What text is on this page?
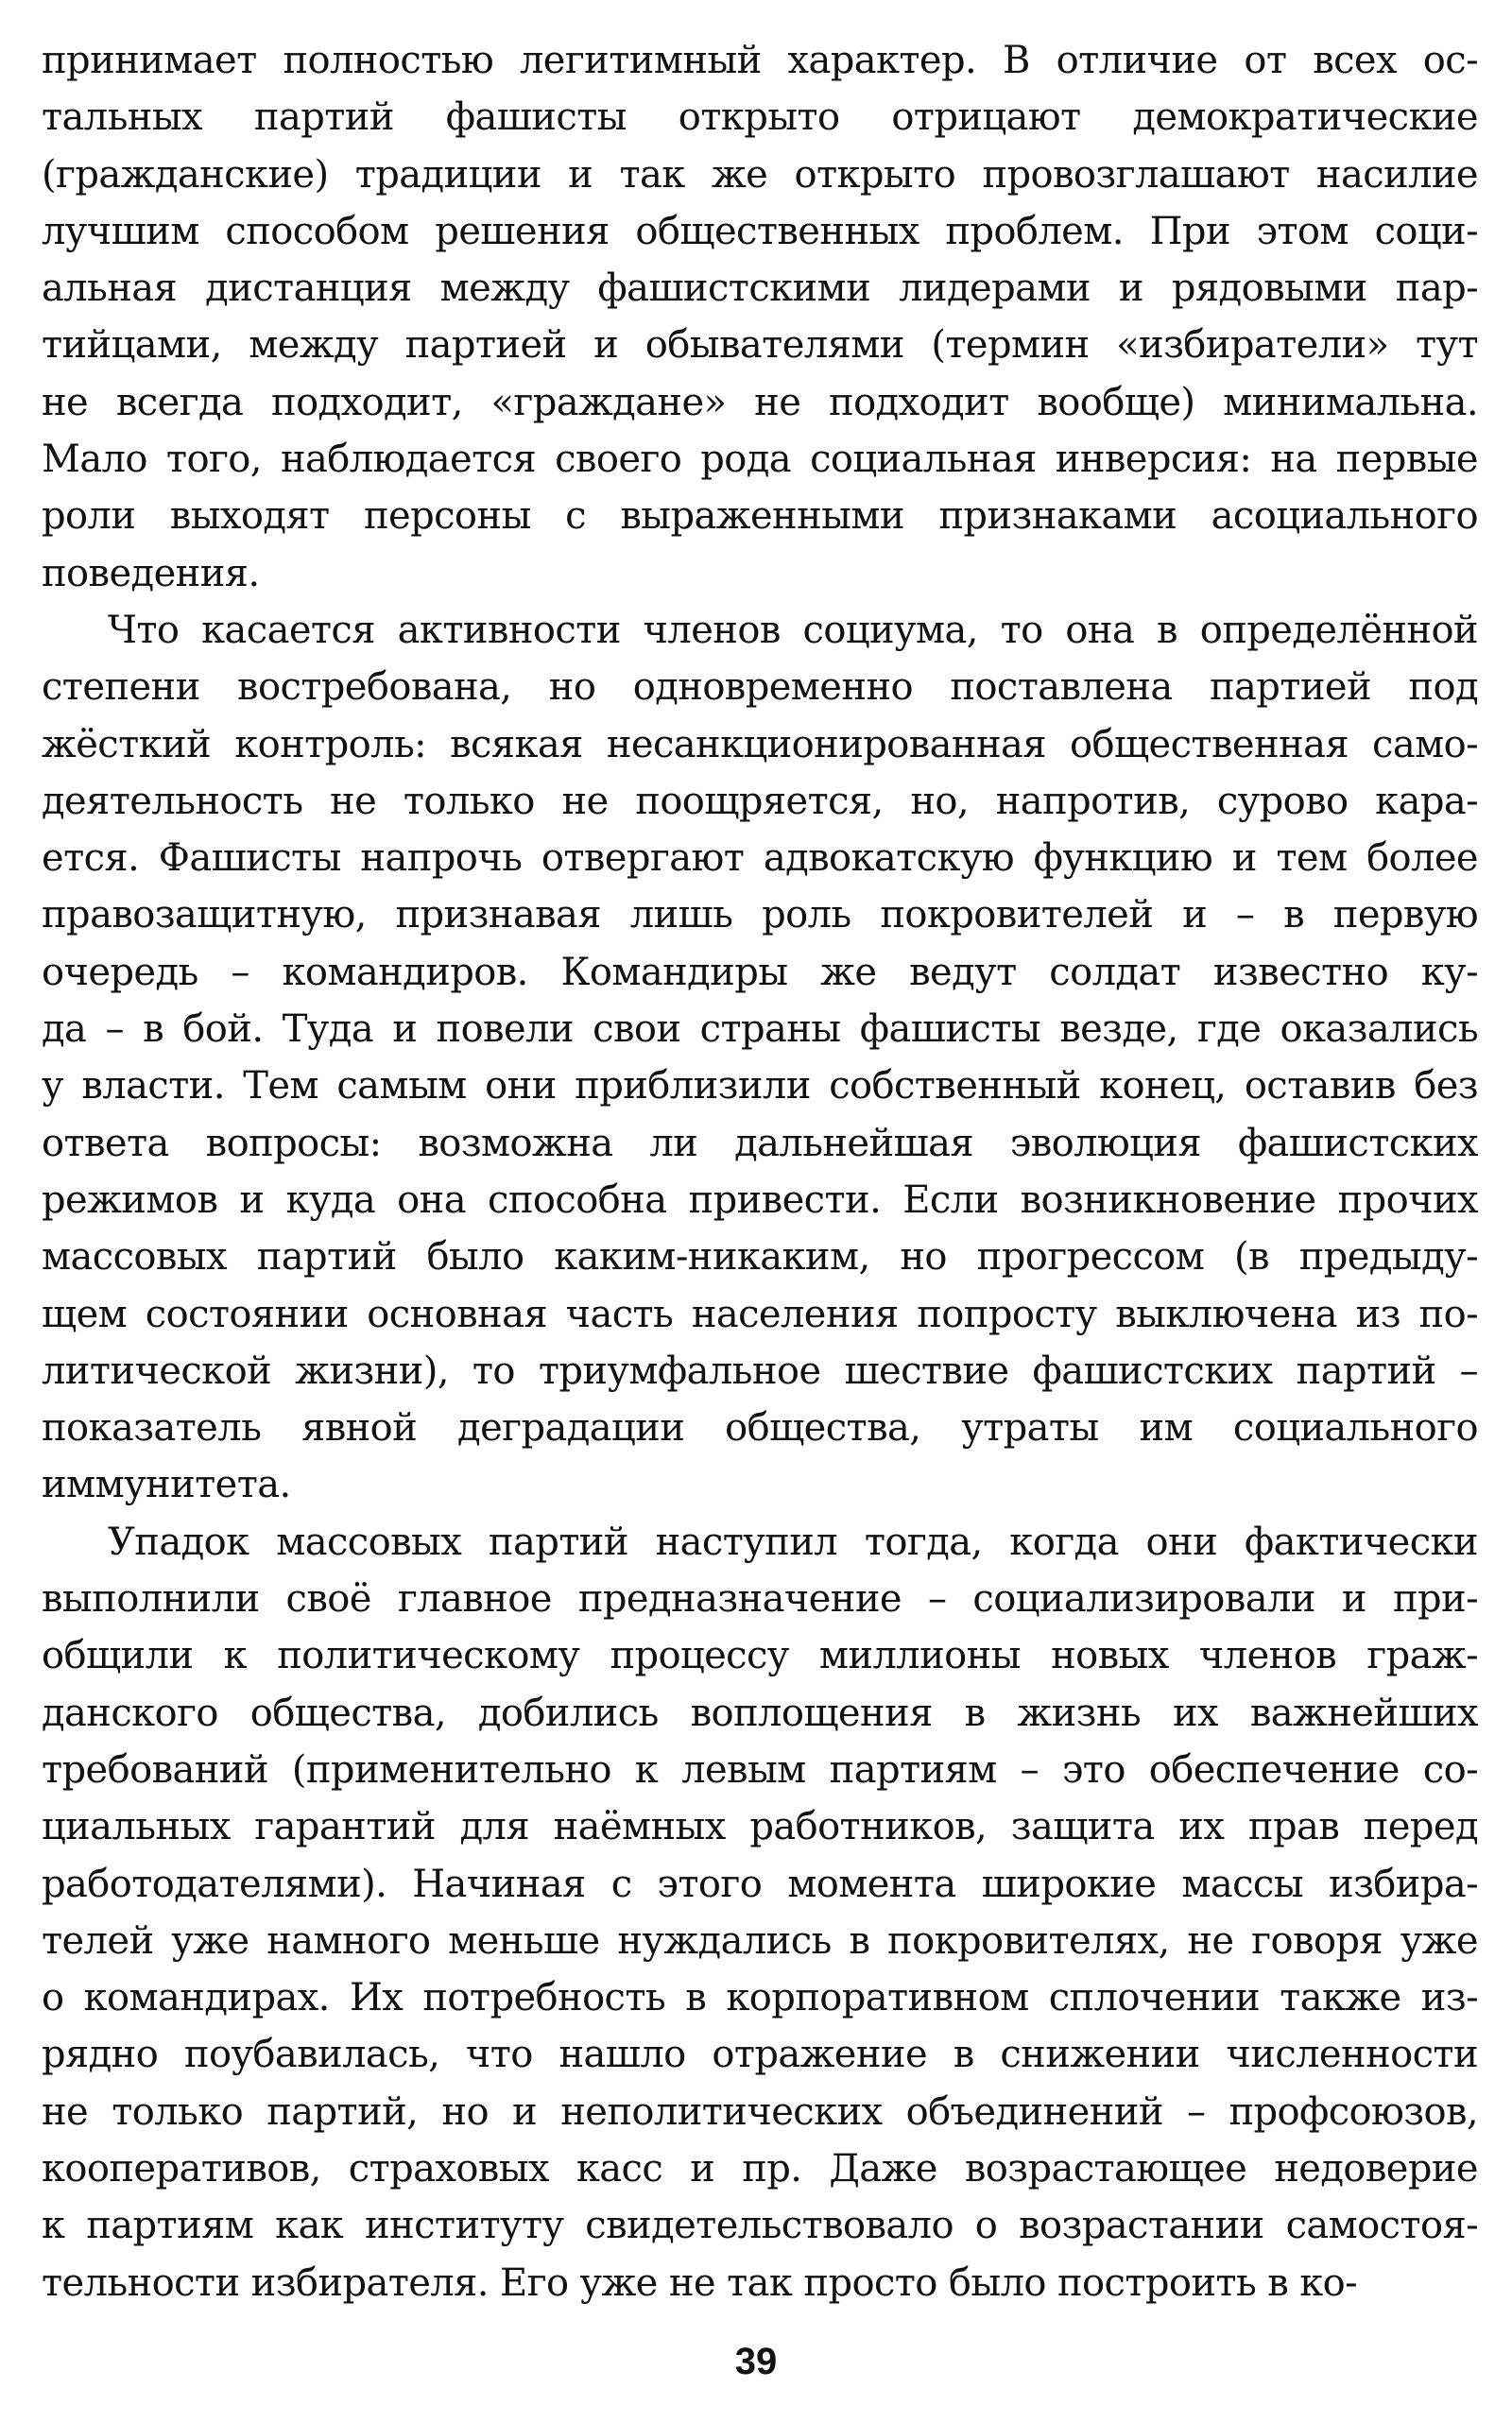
принимает полностью легитимный характер. В отличие от всех ос-
тальных партий фашисты открыто отрицают демократические
(гражданские) традиции и так же открыто провозглашают насилие
лучшим способом решения общественных проблем. При этом соци-
альная дистанция между фашистскими лидерами и рядовыми пар-
тийцами, между партией и обывателями (термин «избиратели» тут
не всегда подходит, «граждане» не подходит вообще) минимальна.
Мало того, наблюдается своего рода социальная инверсия: на первые
роли выходят персоны с выраженными признаками асоциального
поведения.
Что касается активности членов социума, то она в определённой
степени востребована, но одновременно поставлена партией под
жёсткий контроль: всякая несанкционированная общественная само-
деятельность не только не поощряется, но, напротив, сурово кара-
ется. Фашисты напрочь отвергают адвокатскую функцию и тем более
правозащитную, признавая лишь роль покровителей и – в первую
очередь – командиров. Командиры же ведут солдат известно ку-
да – в бой. Туда и повели свои страны фашисты везде, где оказались
у власти. Тем самым они приблизили собственный конец, оставив без
ответа вопросы: возможна ли дальнейшая эволюция фашистских
режимов и куда она способна привести. Если возникновение прочих
массовых партий было каким-никаким, но прогрессом (в предыду-
щем состоянии основная часть населения попросту выключена из по-
литической жизни), то триумфальное шествие фашистских партий –
показатель явной деградации общества, утраты им социального
иммунитета.
Упадок массовых партий наступил тогда, когда они фактически
выполнили своё главное предназначение – социализировали и при-
общили к политическому процессу миллионы новых членов граж-
данского общества, добились воплощения в жизнь их важнейших
требований (применительно к левым партиям – это обеспечение со-
циальных гарантий для наёмных работников, защита их прав перед
работодателями). Начиная с этого момента широкие массы избира-
телей уже намного меньше нуждались в покровителях, не говоря уже
о командирах. Их потребность в корпоративном сплочении также из-
рядно поубавилась, что нашло отражение в снижении численности
не только партий, но и неполитических объединений – профсоюзов,
кооперативов, страховых касс и пр. Даже возрастающее недоверие
к партиям как институту свидетельствовало о возрастании самостоя-
тельности избирателя. Его уже не так просто было построить в ко-
39
